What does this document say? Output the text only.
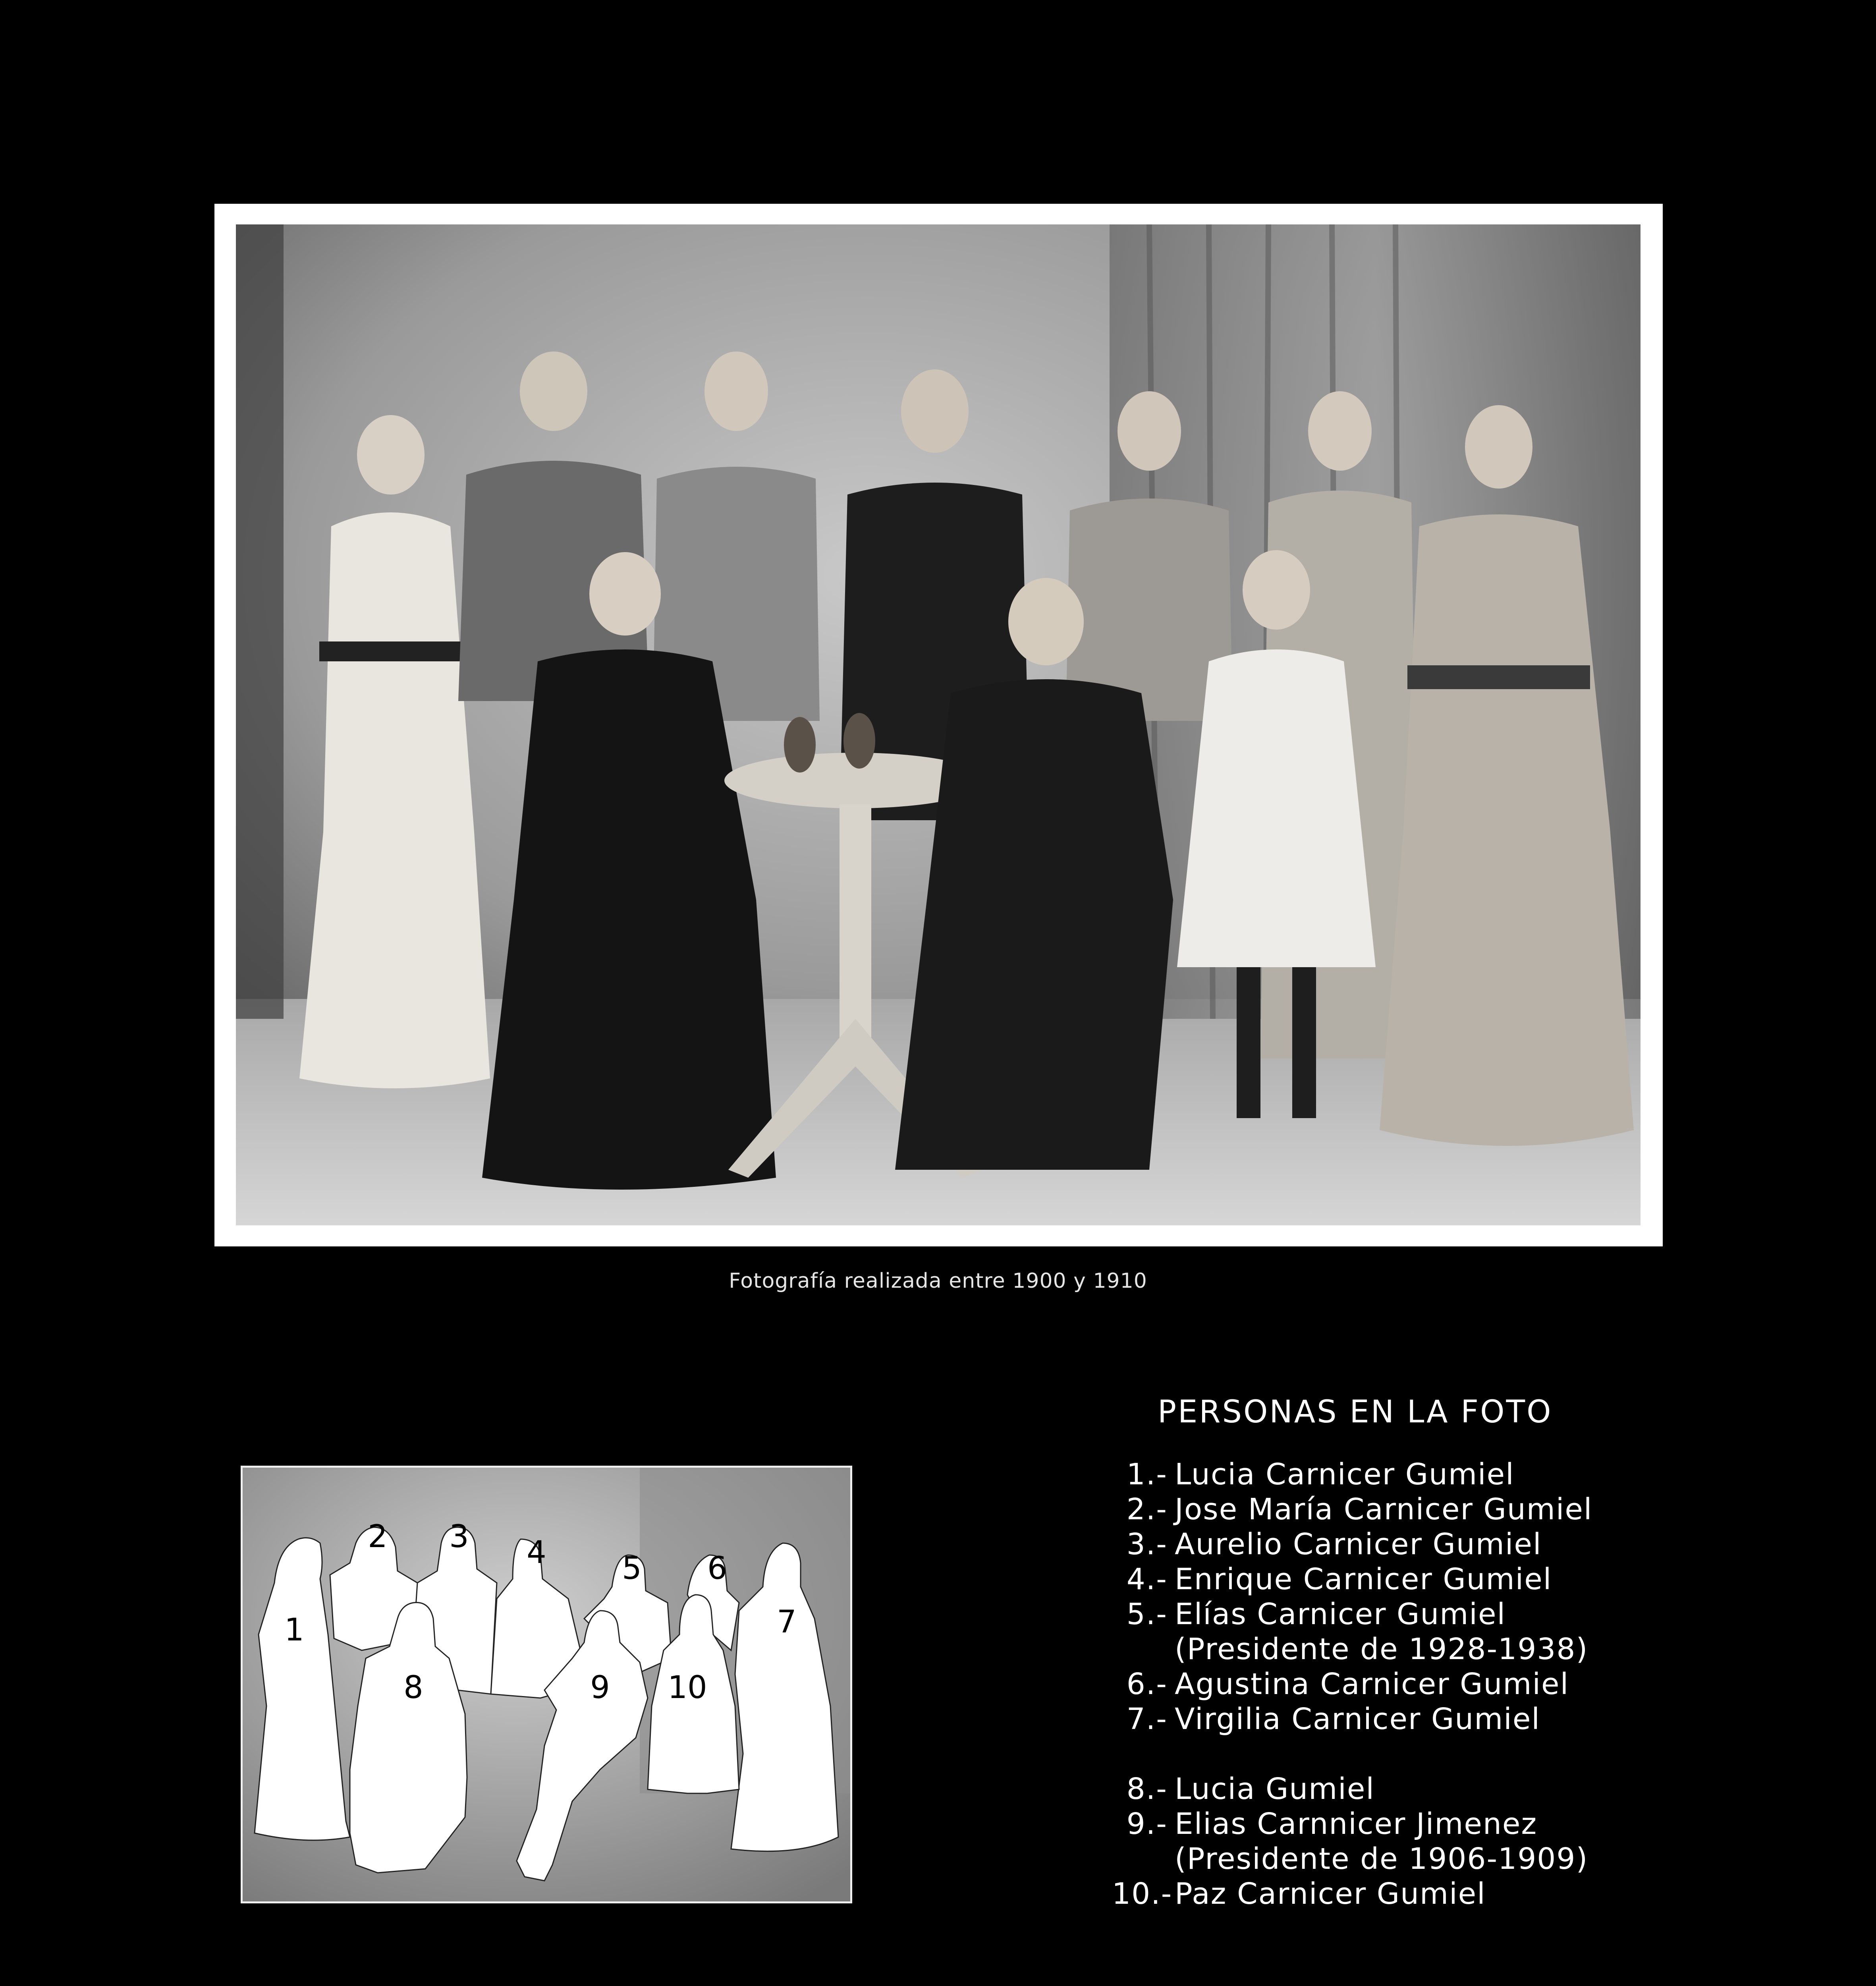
Fotografía realizada entre 1900 y 1910
1
2 3 4 5 6
7
8	9 10
PERSONAS EN LA FOTO
1.- Lucia Carnicer Gumiel
2.- Jose María Carnicer Gumiel
3.- Aurelio Carnicer Gumiel
4.- Enrique Carnicer Gumiel
5.- Elías Carnicer Gumiel
(Presidente de 1928-1938)
6.- Agustina Carnicer Gumiel
7.- Virgilia Carnicer Gumiel
8.- Lucia Gumiel
9.- Elias Carnnicer Jimenez
(Presidente de 1906-1909)
10.-Paz Carnicer Gumiel
